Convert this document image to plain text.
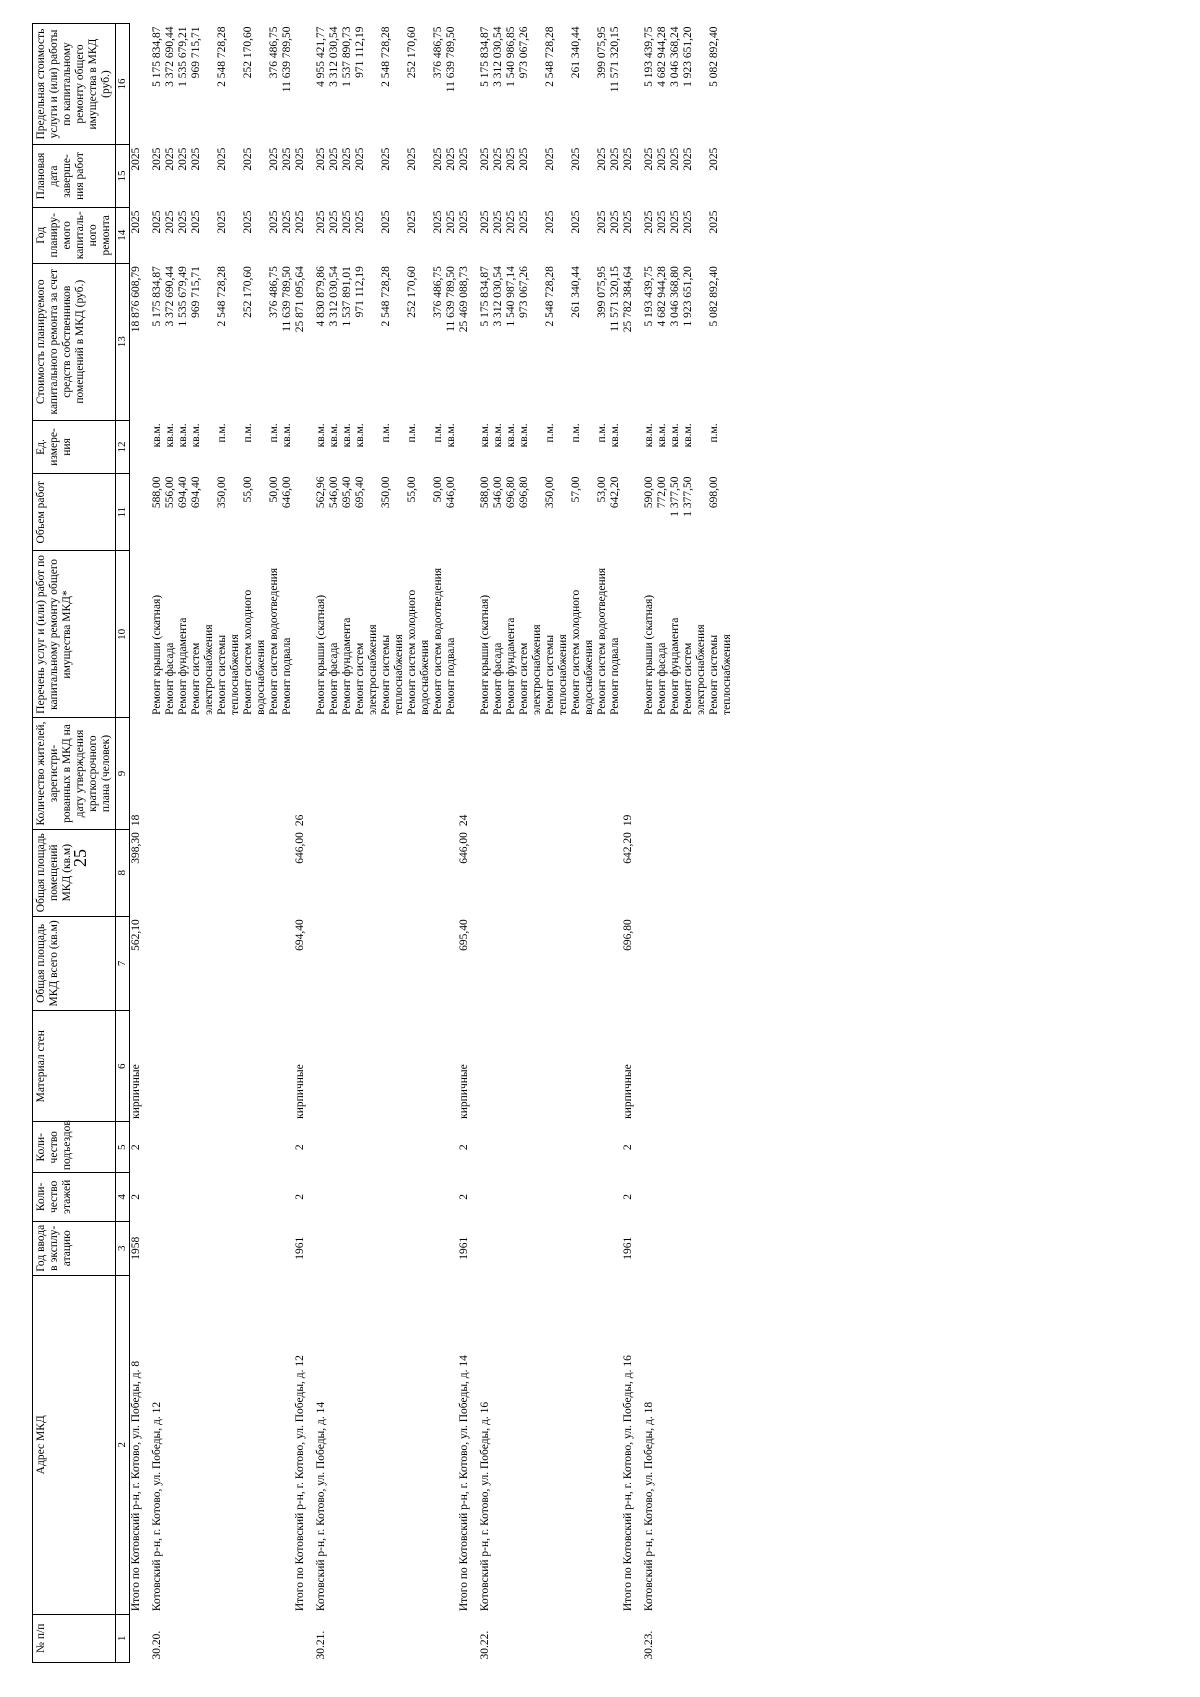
25
№ п/п	Адрес МКД	Год ввода в эксплу- атацию	Коли- чество этажей	Коли- чество подъездов	Материал стен	Общая площадь МКД всего (кв.м)	Общая площадь помещений МКД (кв.м)	Количество жителей, зарегистри- рованных в МКД на дату утверждения краткосрочного плана (человек)	Перечень услуг и (или) работ по капитальному ремонту общего имущества МКД*	Объем работ	Ед. измере- ния	Стоимость планируемого капитального ремонта за счет средств собственников помещений в МКД (руб.)	Год планиру- емого капиталь- ного ремонта	Плановая дата заверше- ния работ	Предельная стоимость услуги и (или) работы по капитальному ремонту общего имущества в МКД (руб.)
1	2	3	4	5	6	7	8	9	10	11	12	13	14	15	16
	Итого по Котовский р-н, г. Котово, ул. Победы, д. 8	1958	2	2	кирпичные	562,10	398,30	18				18 876 608,79	2025	2025	

30.20.	Котовский р-н, г. Котово, ул. Победы, д. 12								Ремонт крыши (скатная)	588,00	кв.м.	5 175 834,87	2025	2025	5 175 834,87
									Ремонт фасада	556,00	кв.м.	3 372 690,44	2025	2025	3 372 690,44
									Ремонт фундамента	694,40	кв.м.	1 535 679,49	2025	2025	1 535 679,21
									Ремонт систем электроснабжения	694,40	кв.м.	969 715,71	2025	2025	969 715,71
									Ремонт системы теплоснабжения	350,00	п.м.	2 548 728,28	2025	2025	2 548 728,28
									Ремонт систем холодного водоснабжения	55,00	п.м.	252 170,60	2025	2025	252 170,60
									Ремонт систем водоотведения	50,00	п.м.	376 486,75	2025	2025	376 486,75
									Ремонт подвала	646,00	кв.м.	11 639 789,50	2025	2025	11 639 789,50
	Итого по Котовский р-н, г. Котово, ул. Победы, д. 12	1961	2	2	кирпичные	694,40	646,00	26				25 871 095,64	2025	2025	

30.21.	Котовский р-н, г. Котово, ул. Победы, д. 14								Ремонт крыши (скатная)	562,96	кв.м.	4 830 879,86	2025	2025	4 955 421,77
									Ремонт фасада	546,00	кв.м.	3 312 030,54	2025	2025	3 312 030,54
									Ремонт фундамента	695,40	кв.м.	1 537 891,01	2025	2025	1 537 890,73
									Ремонт систем электроснабжения	695,40	кв.м.	971 112,19	2025	2025	971 112,19
									Ремонт системы теплоснабжения	350,00	п.м.	2 548 728,28	2025	2025	2 548 728,28
									Ремонт систем холодного водоснабжения	55,00	п.м.	252 170,60	2025	2025	252 170,60
									Ремонт систем водоотведения	50,00	п.м.	376 486,75	2025	2025	376 486,75
									Ремонт подвала	646,00	кв.м.	11 639 789,50	2025	2025	11 639 789,50
	Итого по Котовский р-н, г. Котово, ул. Победы, д. 14	1961	2	2	кирпичные	695,40	646,00	24				25 469 088,73	2025	2025	

30.22.	Котовский р-н, г. Котово, ул. Победы, д. 16								Ремонт крыши (скатная)	588,00	кв.м.	5 175 834,87	2025	2025	5 175 834,87
									Ремонт фасада	546,00	кв.м.	3 312 030,54	2025	2025	3 312 030,54
									Ремонт фундамента	696,80	кв.м.	1 540 987,14	2025	2025	1 540 986,85
									Ремонт систем электроснабжения	696,80	кв.м.	973 067,26	2025	2025	973 067,26
									Ремонт системы теплоснабжения	350,00	п.м.	2 548 728,28	2025	2025	2 548 728,28
									Ремонт систем холодного водоснабжения	57,00	п.м.	261 340,44	2025	2025	261 340,44
									Ремонт систем водоотведения	53,00	п.м.	399 075,95	2025	2025	399 075,95
									Ремонт подвала	642,20	кв.м.	11 571 320,15	2025	2025	11 571 320,15
	Итого по Котовский р-н, г. Котово, ул. Победы, д. 16	1961	2	2	кирпичные	696,80	642,20	19				25 782 384,64	2025	2025	

30.23.	Котовский р-н, г. Котово, ул. Победы, д. 18								Ремонт крыши (скатная)	590,00	кв.м.	5 193 439,75	2025	2025	5 193 439,75
									Ремонт фасада	772,00	кв.м.	4 682 944,28	2025	2025	4 682 944,28
									Ремонт фундамента	1 377,50	кв.м.	3 046 368,80	2025	2025	3 046 368,24
									Ремонт систем электроснабжения	1 377,50	кв.м.	1 923 651,20	2025	2025	1 923 651,20
									Ремонт системы теплоснабжения	698,00	п.м.	5 082 892,40	2025	2025	5 082 892,40
